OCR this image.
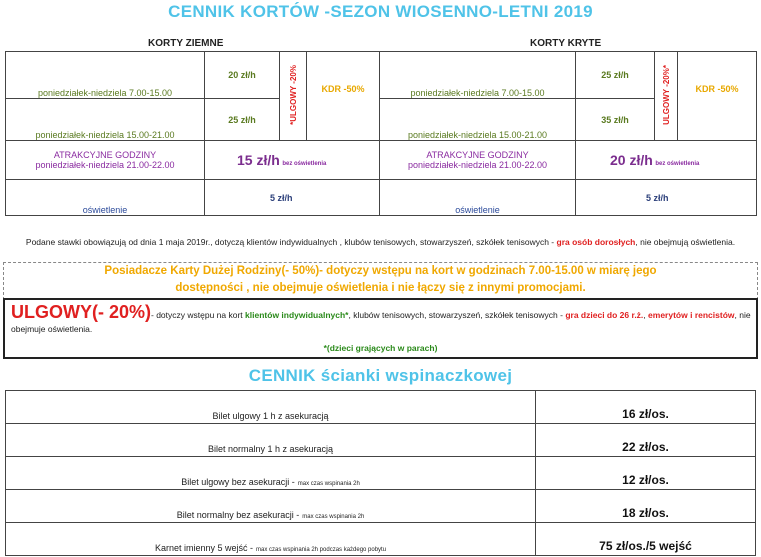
CENNIK KORTÓW -SEZON WIOSENNO-LETNI 2019
KORTY ZIEMNE	KORTY KRYTE
poniedziałek-niedziela 7.00-15.00	20 zł/h	*ULGOWY -20%	KDR -50%
poniedziałek-niedziela 15.00-21.00	25 zł/h		

ATRAKCYJNE GODZINY
poniedziałek-niedziela 21.00-22.00	15 zł/h bez oświetlenia		
oświetlenie	5 zł/h		
poniedziałek-niedziela 7.00-15.00	25 zł/h	ULGOWY -20%*	KDR -50%
poniedziałek-niedziela 15.00-21.00	35 zł/h		

ATRAKCYJNE GODZINY
poniedziałek-niedziela 21.00-22.00	20 zł/h bez oświetlenia		
oświetlenie	5 zł/h		
Podane stawki obowiązują od dnia 1 maja 2019r., dotyczą klientów indywidualnych , klubów tenisowych, stowarzyszeń, szkółek tenisowych - gra osób dorosłych, nie obejmują oświetlenia.
Posiadacze Karty Dużej Rodziny(- 50%)- dotyczy wstępu na kort w godzinach 7.00-15.00 w miarę jego
dostępności , nie obejmuje oświetlenia i nie łączy się z innymi promocjami.
ULGOWY(- 20%)- dotyczy wstępu na kort klientów indywidualnych*, klubów tenisowych, stowarzyszeń, szkółek tenisowych - gra dzieci do 26 r.ż., emerytów i rencistów, nie obejmuje oświetlenia.
*(dzieci grających w parach)
CENNIK ścianki wspinaczkowej
Bilet ulgowy 1 h z asekuracją	16 zł/os.
Bilet normalny 1 h z asekuracją	22 zł/os.
Bilet ulgowy bez asekuracji - max czas wspinania 2h	12 zł/os.
Bilet normalny bez asekuracji - max czas wspinania 2h	18 zł/os.
Karnet imienny 5 wejść - max czas wspinania 2h podczas każdego pobytu	75 zł/os./5 wejść
